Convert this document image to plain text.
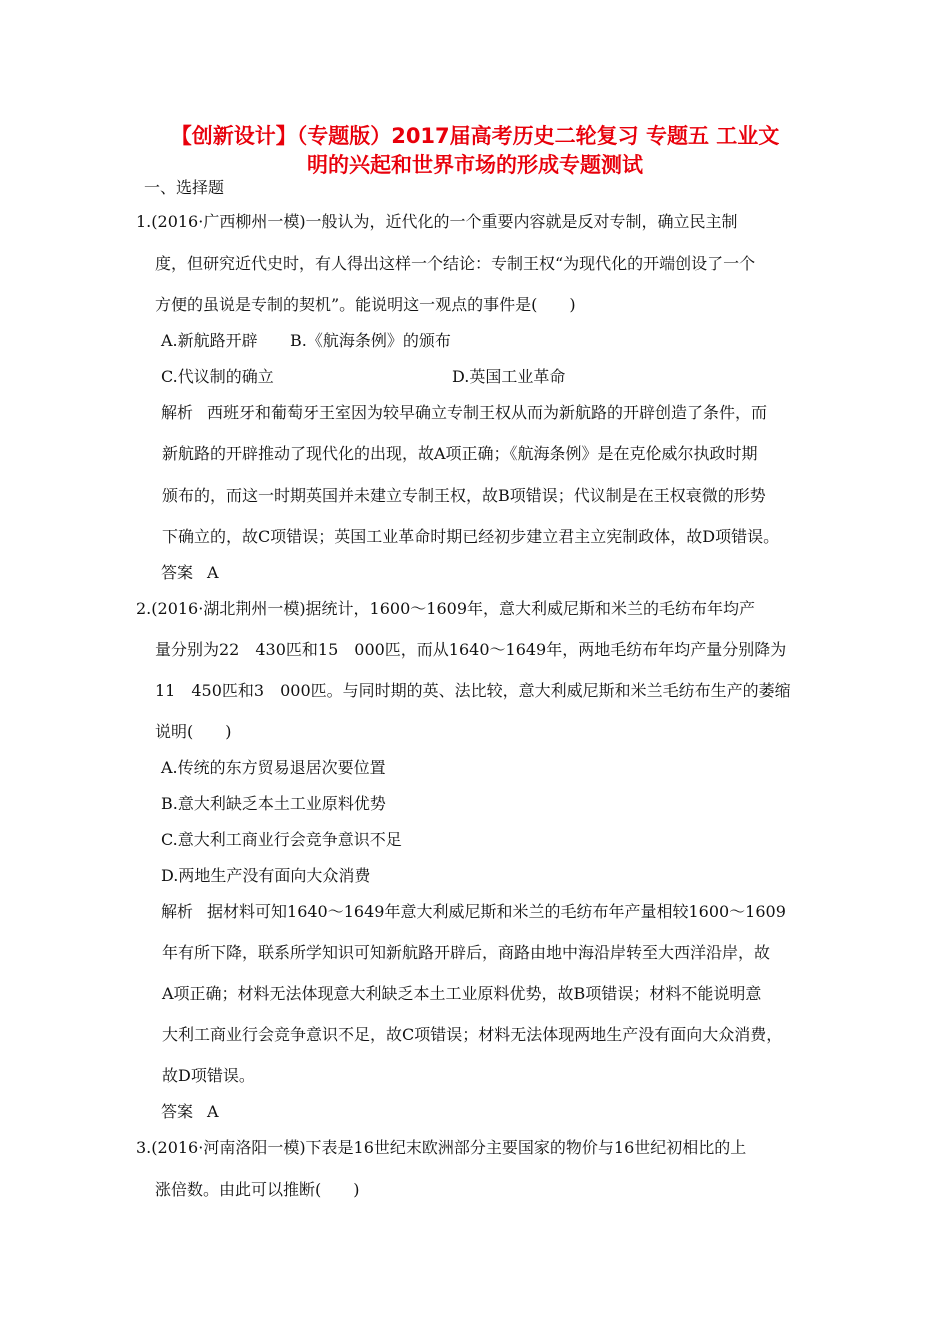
【创新设计】（专题版）2017届高考历史二轮复习 专题五 工业文
明的兴起和世界市场的形成专题测试
一、选择题
1.(2016·广西柳州一模)一般认为，近代化的一个重要内容就是反对专制，确立民主制
度，但研究近代史时，有人得出这样一个结论：专制王权“为现代化的开端创设了一个
方便的虽说是专制的契机”。能说明这一观点的事件是(　　)
A.新航路开辟 B.《航海条例》的颁布
C.代议制的确立	D.英国工业革命
解析 西班牙和葡萄牙王室因为较早确立专制王权从而为新航路的开辟创造了条件，而
新航路的开辟推动了现代化的出现，故A项正确；《航海条例》是在克伦威尔执政时期
颁布的，而这一时期英国并未建立专制王权，故B项错误；代议制是在王权衰微的形势
下确立的，故C项错误；英国工业革命时期已经初步建立君主立宪制政体，故D项错误。
答案 A
2.(2016·湖北荆州一模)据统计，1600～1609年，意大利威尼斯和米兰的毛纺布年均产
量分别为22　430匹和15　000匹，而从1640～1649年，两地毛纺布年均产量分别降为
11　450匹和3　000匹。与同时期的英、法比较，意大利威尼斯和米兰毛纺布生产的萎缩
说明(　　)
A.传统的东方贸易退居次要位置
B.意大利缺乏本土工业原料优势
C.意大利工商业行会竞争意识不足
D.两地生产没有面向大众消费
解析 据材料可知1640～1649年意大利威尼斯和米兰的毛纺布年产量相较1600～1609
年有所下降，联系所学知识可知新航路开辟后，商路由地中海沿岸转至大西洋沿岸，故
A项正确；材料无法体现意大利缺乏本土工业原料优势，故B项错误；材料不能说明意
大利工商业行会竞争意识不足，故C项错误；材料无法体现两地生产没有面向大众消费，
故D项错误。
答案 A
3.(2016·河南洛阳一模)下表是16世纪末欧洲部分主要国家的物价与16世纪初相比的上
涨倍数。由此可以推断(　　)
